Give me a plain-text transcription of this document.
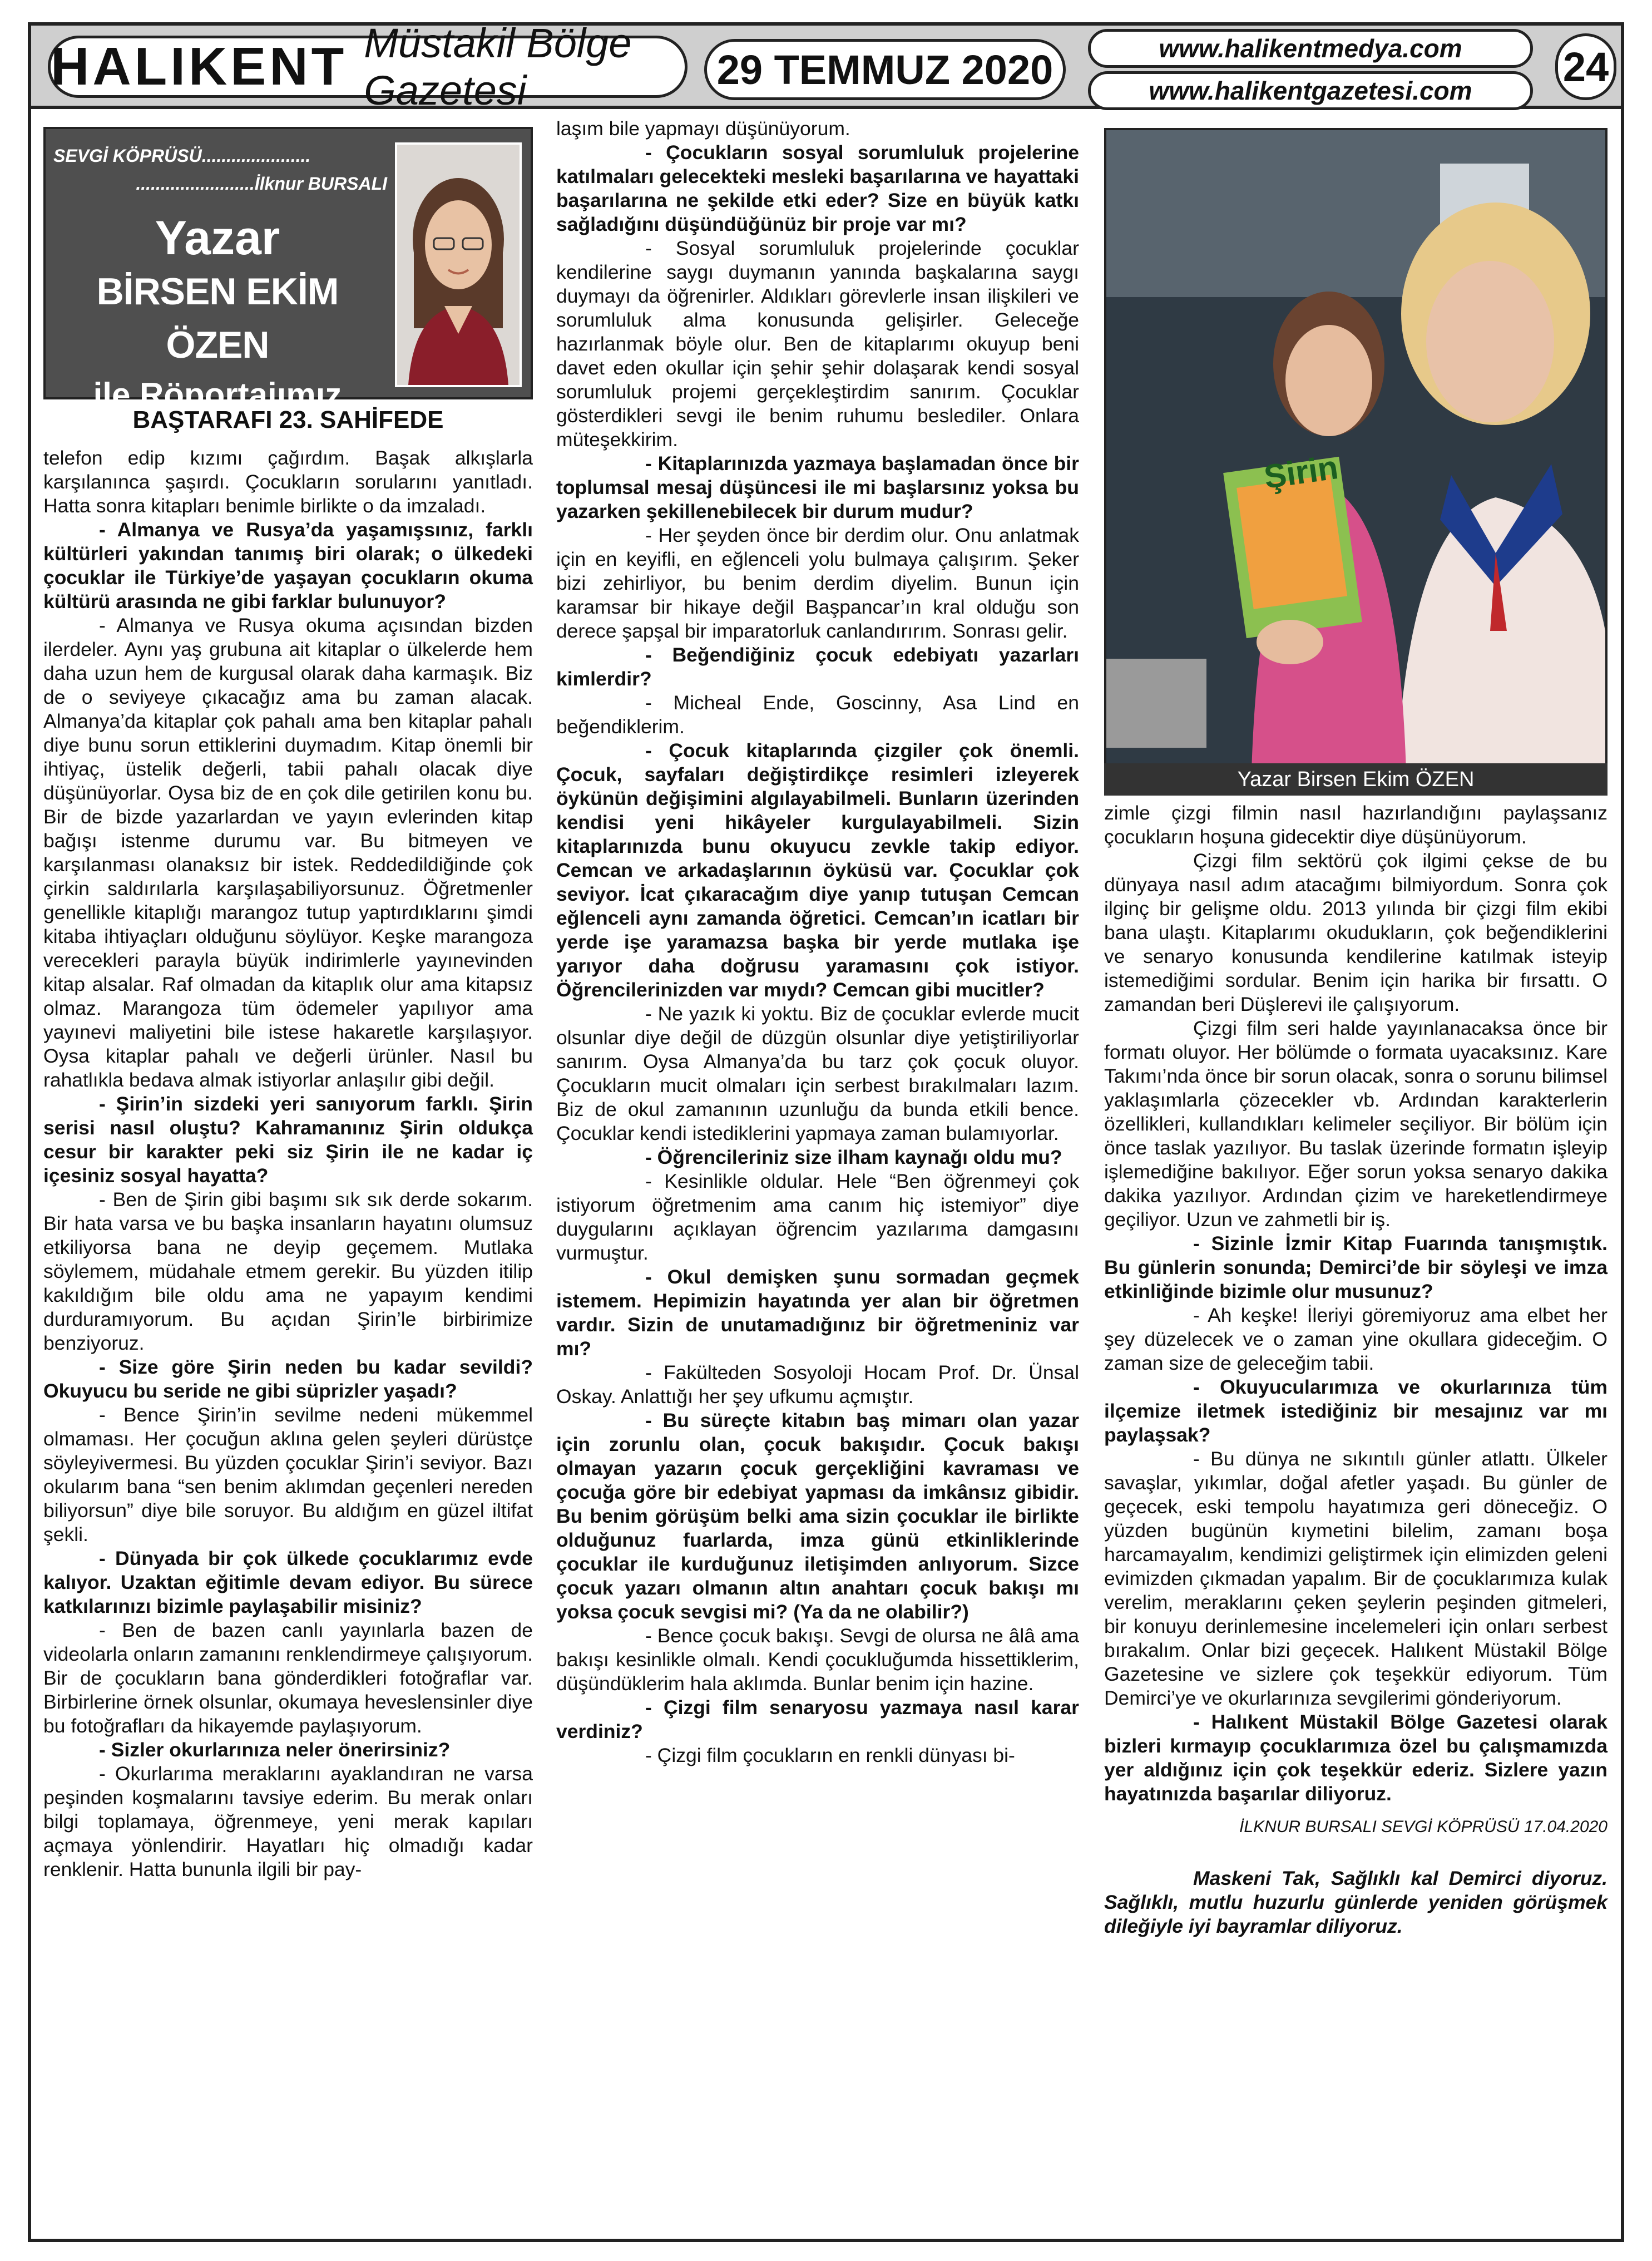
HALIKENT Müstakil Bölge Gazetesi	29 TEMMUZ 2020	www.halikentmedya.com
www.halikentgazetesi.com
24
SEVGİ KÖPRÜSÜ......................
........................İlknur BURSALI
Yazar
BİRSEN EKİM ÖZEN
ile Röportajımız
BAŞTARAFI 23. SAHİFEDE

telefon edip kızımı çağırdım. Başak alkışlarla karşılanınca şaşırdı. Çocukların sorularını yanıtladı. Hatta sonra kitapları benimle birlikte o da imzaladı.

- Almanya ve Rusya’da yaşamışsınız, farklı kültürleri yakından tanımış biri olarak; o ülkedeki çocuklar ile Türkiye’de yaşayan çocukların okuma kültürü arasında ne gibi farklar bulunuyor?

- Almanya ve Rusya okuma açısından bizden ilerdeler. Aynı yaş grubuna ait kitaplar o ülkelerde hem daha uzun hem de kurgusal olarak daha karmaşık. Biz de o seviyeye çıkacağız ama bu zaman alacak. Almanya’da kitaplar çok pahalı ama ben kitaplar pahalı diye bunu sorun ettiklerini duymadım. Kitap önemli bir ihtiyaç, üstelik değerli, tabii pahalı olacak diye düşünüyorlar. Oysa biz de en çok dile getirilen konu bu. Bir de bizde yazarlardan ve yayın evlerinden kitap bağışı istenme durumu var. Bu bitmeyen ve karşılanması olanaksız bir istek. Reddedildiğinde çok çirkin saldırılarla karşılaşabiliyorsunuz. Öğretmenler genellikle kitaplığı marangoz tutup yaptırdıklarını şimdi kitaba ihtiyaçları olduğunu söylüyor. Keşke marangoza verecekleri parayla büyük indirimlerle yayınevinden kitap alsalar. Raf olmadan da kitaplık olur ama kitapsız olmaz. Marangoza tüm ödemeler yapılıyor ama yayınevi maliyetini bile istese hakaretle karşılaşıyor. Oysa kitaplar pahalı ve değerli ürünler. Nasıl bu rahatlıkla bedava almak istiyorlar anlaşılır gibi değil.

- Şirin’in sizdeki yeri sanıyorum farklı. Şirin serisi nasıl oluştu? Kahramanınız Şirin oldukça cesur bir karakter peki siz Şirin ile ne kadar iç içesiniz sosyal hayatta?

- Ben de Şirin gibi başımı sık sık derde sokarım. Bir hata varsa ve bu başka insanların hayatını olumsuz etkiliyorsa bana ne deyip geçemem. Mutlaka söylemem, müdahale etmem gerekir. Bu yüzden itilip kakıldığım bile oldu ama ne yapayım kendimi durduramıyorum. Bu açıdan Şirin’le birbirimize benziyoruz.

- Size göre Şirin neden bu kadar sevildi? Okuyucu bu seride ne gibi süprizler yaşadı?

- Bence Şirin’in sevilme nedeni mükemmel olmaması. Her çocuğun aklına gelen şeyleri dürüstçe söyleyivermesi. Bu yüzden çocuklar Şirin’i seviyor. Bazı okularım bana “sen benim aklımdan geçenleri nereden biliyorsun” diye bile soruyor. Bu aldığım en güzel iltifat şekli.

- Dünyada bir çok ülkede çocuklarımız evde kalıyor. Uzaktan eğitimle devam ediyor. Bu sürece katkılarınızı bizimle paylaşabilir misiniz?

- Ben de bazen canlı yayınlarla bazen de videolarla onların zamanını renklendirmeye çalışıyorum. Bir de çocukların bana gönderdikleri fotoğraflar var. Birbirlerine örnek olsunlar, okumaya heveslensinler diye bu fotoğrafları da hikayemde paylaşıyorum.

- Sizler okurlarınıza neler önerirsiniz?

- Okurlarıma meraklarını ayaklandıran ne varsa peşinden koşmalarını tavsiye ederim. Bu merak onları bilgi toplamaya, öğrenmeye, yeni merak kapıları açmaya yönlendirir. Hayatları hiç olmadığı kadar renklenir. Hatta bununla ilgili bir pay-

laşım bile yapmayı düşünüyorum.

- Çocukların sosyal sorumluluk projelerine katılmaları gelecekteki mesleki başarılarına ve hayattaki başarılarına ne şekilde etki eder? Size en büyük katkı sağladığını düşündüğünüz bir proje var mı?

- Sosyal sorumluluk projelerinde çocuklar kendilerine saygı duymanın yanında başkalarına saygı duymayı da öğrenirler. Aldıkları görevlerle insan ilişkileri ve sorumluluk alma konusunda gelişirler. Geleceğe hazırlanmak böyle olur. Ben de kitaplarımı okuyup beni davet eden okullar için şehir şehir dolaşarak kendi sosyal sorumluluk projemi gerçekleştirdim sanırım. Çocuklar gösterdikleri sevgi ile benim ruhumu beslediler. Onlara müteşekkirim.

- Kitaplarınızda yazmaya başlamadan önce bir toplumsal mesaj düşüncesi ile mi başlarsınız yoksa bu yazarken şekillenebilecek bir durum mudur?

- Her şeyden önce bir derdim olur. Onu anlatmak için en keyifli, en eğlenceli yolu bulmaya çalışırım. Şeker bizi zehirliyor, bu benim derdim diyelim. Bunun için karamsar bir hikaye değil Başpancar’ın kral olduğu son derece şapşal bir imparatorluk canlandırırım. Sonrası gelir.

- Beğendiğiniz çocuk edebiyatı yazarları kimlerdir?

- Micheal Ende, Goscinny, Asa Lind en beğendiklerim.

- Çocuk kitaplarında çizgiler çok önemli. Çocuk, sayfaları değiştirdikçe resimleri izleyerek öykünün değişimini algılayabilmeli. Bunların üzerinden kendisi yeni hikâyeler kurgulayabilmeli. Sizin kitaplarınızda bunu okuyucu zevkle takip ediyor. Cemcan ve arkadaşlarının öyküsü var. Çocuklar çok seviyor. İcat çıkaracağım diye yanıp tutuşan Cemcan eğlenceli aynı zamanda öğretici. Cemcan’ın icatları bir yerde işe yaramazsa başka bir yerde mutlaka işe yarıyor daha doğrusu yaramasını çok istiyor. Öğrencilerinizden var mıydı? Cemcan gibi mucitler?

- Ne yazık ki yoktu. Biz de çocuklar evlerde mucit olsunlar diye değil de düzgün olsunlar diye yetiştiriliyorlar sanırım. Oysa Almanya’da bu tarz çok çocuk oluyor. Çocukların mucit olmaları için serbest bırakılmaları lazım. Biz de okul zamanının uzunluğu da bunda etkili bence. Çocuklar kendi istediklerini yapmaya zaman bulamıyorlar.

- Öğrencileriniz size ilham kaynağı oldu mu?

- Kesinlikle oldular. Hele “Ben öğrenmeyi çok istiyorum öğretmenim ama canım hiç istemiyor” diye duygularını açıklayan öğrencim yazılarıma damgasını vurmuştur.

- Okul demişken şunu sormadan geçmek istemem. Hepimizin hayatında yer alan bir öğretmen vardır. Sizin de unutamadığınız bir öğretmeniniz var mı?

- Fakülteden Sosyoloji Hocam Prof. Dr. Ünsal Oskay. Anlattığı her şey ufkumu açmıştır.

- Bu süreçte kitabın baş mimarı olan yazar için zorunlu olan, çocuk bakışıdır. Çocuk bakışı olmayan yazarın çocuk gerçekliğini kavraması ve çocuğa göre bir edebiyat yapması da imkânsız gibidir. Bu benim görüşüm belki ama sizin çocuklar ile birlikte olduğunuz fuarlarda, imza günü etkinliklerinde çocuklar ile kurduğunuz iletişimden anlıyorum. Sizce çocuk yazarı olmanın altın anahtarı çocuk bakışı mı yoksa çocuk sevgisi mi? (Ya da ne olabilir?)

- Bence çocuk bakışı. Sevgi de olursa ne âlâ ama bakışı kesinlikle olmalı. Kendi çocukluğumda hissettiklerim, düşündüklerim hala aklımda. Bunlar benim için hazine.

- Çizgi film senaryosu yazmaya nasıl karar verdiniz?

- Çizgi film çocukların en renkli dünyası bi-

Şirin
Yazar Birsen Ekim ÖZEN

zimle çizgi filmin nasıl hazırlandığını paylaşsanız çocukların hoşuna gidecektir diye düşünüyorum.

Çizgi film sektörü çok ilgimi çekse de bu dünyaya nasıl adım atacağımı bilmiyordum. Sonra çok ilginç bir gelişme oldu. 2013 yılında bir çizgi film ekibi bana ulaştı. Kitaplarımı okudukların, çok beğendiklerini ve senaryo konusunda kendilerine katılmak isteyip istemediğimi sordular. Benim için harika bir fırsattı. O zamandan beri Düşlerevi ile çalışıyorum.

Çizgi film seri halde yayınlanacaksa önce bir formatı oluyor. Her bölümde o formata uyacaksınız. Kare Takımı’nda önce bir sorun olacak, sonra o sorunu bilimsel yaklaşımlarla çözecekler vb. Ardından karakterlerin özellikleri, kullandıkları kelimeler seçiliyor. Bir bölüm için önce taslak yazılıyor. Bu taslak üzerinde formatın işleyip işlemediğine bakılıyor. Eğer sorun yoksa senaryo dakika dakika yazılıyor. Ardından çizim ve hareketlendirmeye geçiliyor. Uzun ve zahmetli bir iş.

- Sizinle İzmir Kitap Fuarında tanışmıştık. Bu günlerin sonunda; Demirci’de bir söyleşi ve imza etkinliğinde bizimle olur musunuz?

- Ah keşke! İleriyi göremiyoruz ama elbet her şey düzelecek ve o zaman yine okullara gideceğim. O zaman size de geleceğim tabii.

- Okuyucularımıza ve okurlarınıza tüm ilçemize iletmek istediğiniz bir mesajınız var mı paylaşsak?

- Bu dünya ne sıkıntılı günler atlattı. Ülkeler savaşlar, yıkımlar, doğal afetler yaşadı. Bu günler de geçecek, eski tempolu hayatımıza geri döneceğiz. O yüzden bugünün kıymetini bilelim, zamanı boşa harcamayalım, kendimizi geliştirmek için elimizden geleni evimizden çıkmadan yapalım. Bir de çocuklarımıza kulak verelim, meraklarını çeken şeylerin peşinden gitmeleri, bir konuyu derinlemesine incelemeleri için onları serbest bırakalım. Onlar bizi geçecek. Halıkent Müstakil Bölge Gazetesine ve sizlere çok teşekkür ediyorum. Tüm Demirci’ye ve okurlarınıza sevgilerimi gönderiyorum.

- Halıkent Müstakil Bölge Gazetesi olarak bizleri kırmayıp çocuklarımıza özel bu çalışmamızda yer aldığınız için çok teşekkür ederiz. Sizlere yazın hayatınızda başarılar diliyoruz.

İLKNUR BURSALI SEVGİ KÖPRÜSÜ 17.04.2020

Maskeni Tak, Sağlıklı kal Demirci diyoruz. Sağlıklı, mutlu huzurlu günlerde yeniden görüşmek dileğiyle iyi bayramlar diliyoruz.
